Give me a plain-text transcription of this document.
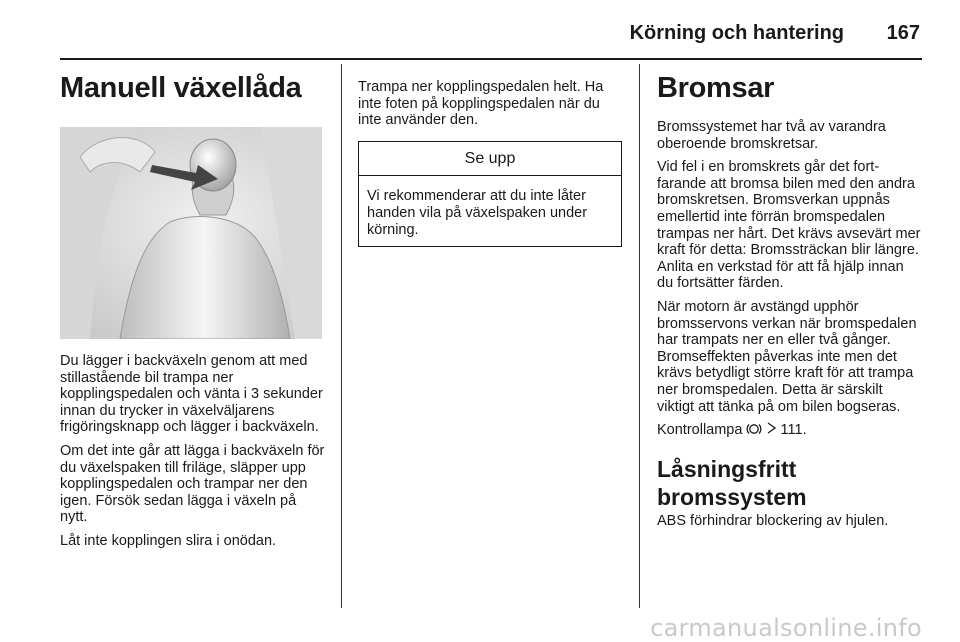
Körning och hantering 167
Manuell växellåda

Du lägger i backväxeln genom att med stillastående bil trampa ner kopplingspedalen och vänta i 3 sekunder innan du trycker in växelväljarens frigöringsknapp och lägger i backväxeln.

Om det inte går att lägga i backväxeln för du växelspaken till friläge, släpper upp kopplingspedalen och trampar ner den igen. Försök sedan lägga i växeln på nytt.

Låt inte kopplingen slira i onödan.

Trampa ner kopplingspedalen helt. Ha inte foten på kopplingspedalen när du inte använder den.

Se upp
Vi rekommenderar att du inte låter handen vila på växelspaken under körning.
Bromsar

Bromssystemet har två av varandra oberoende bromskretsar.

Vid fel i en bromskrets går det fortfarande att bromsa bilen med den andra bromskretsen. Bromsverkan uppnås emellertid inte förrän bromspedalen trampas ner hårt. Det krävs avsevärt mer kraft för detta: Bromssträckan blir längre. Anlita en verkstad för att få hjälp innan du fortsätter färden.

När motorn är avstängd upphör bromsservons verkan när bromspedalen har trampats ner en eller två gånger. Bromseffekten påverkas inte men det krävs betydligt större kraft för att trampa ner bromspedalen. Detta är särskilt viktigt att tänka på om bilen bogseras.

Kontrollampa	111.

Låsningsfritt bromssystem

ABS förhindrar blockering av hjulen.

carmanualsonline.info
